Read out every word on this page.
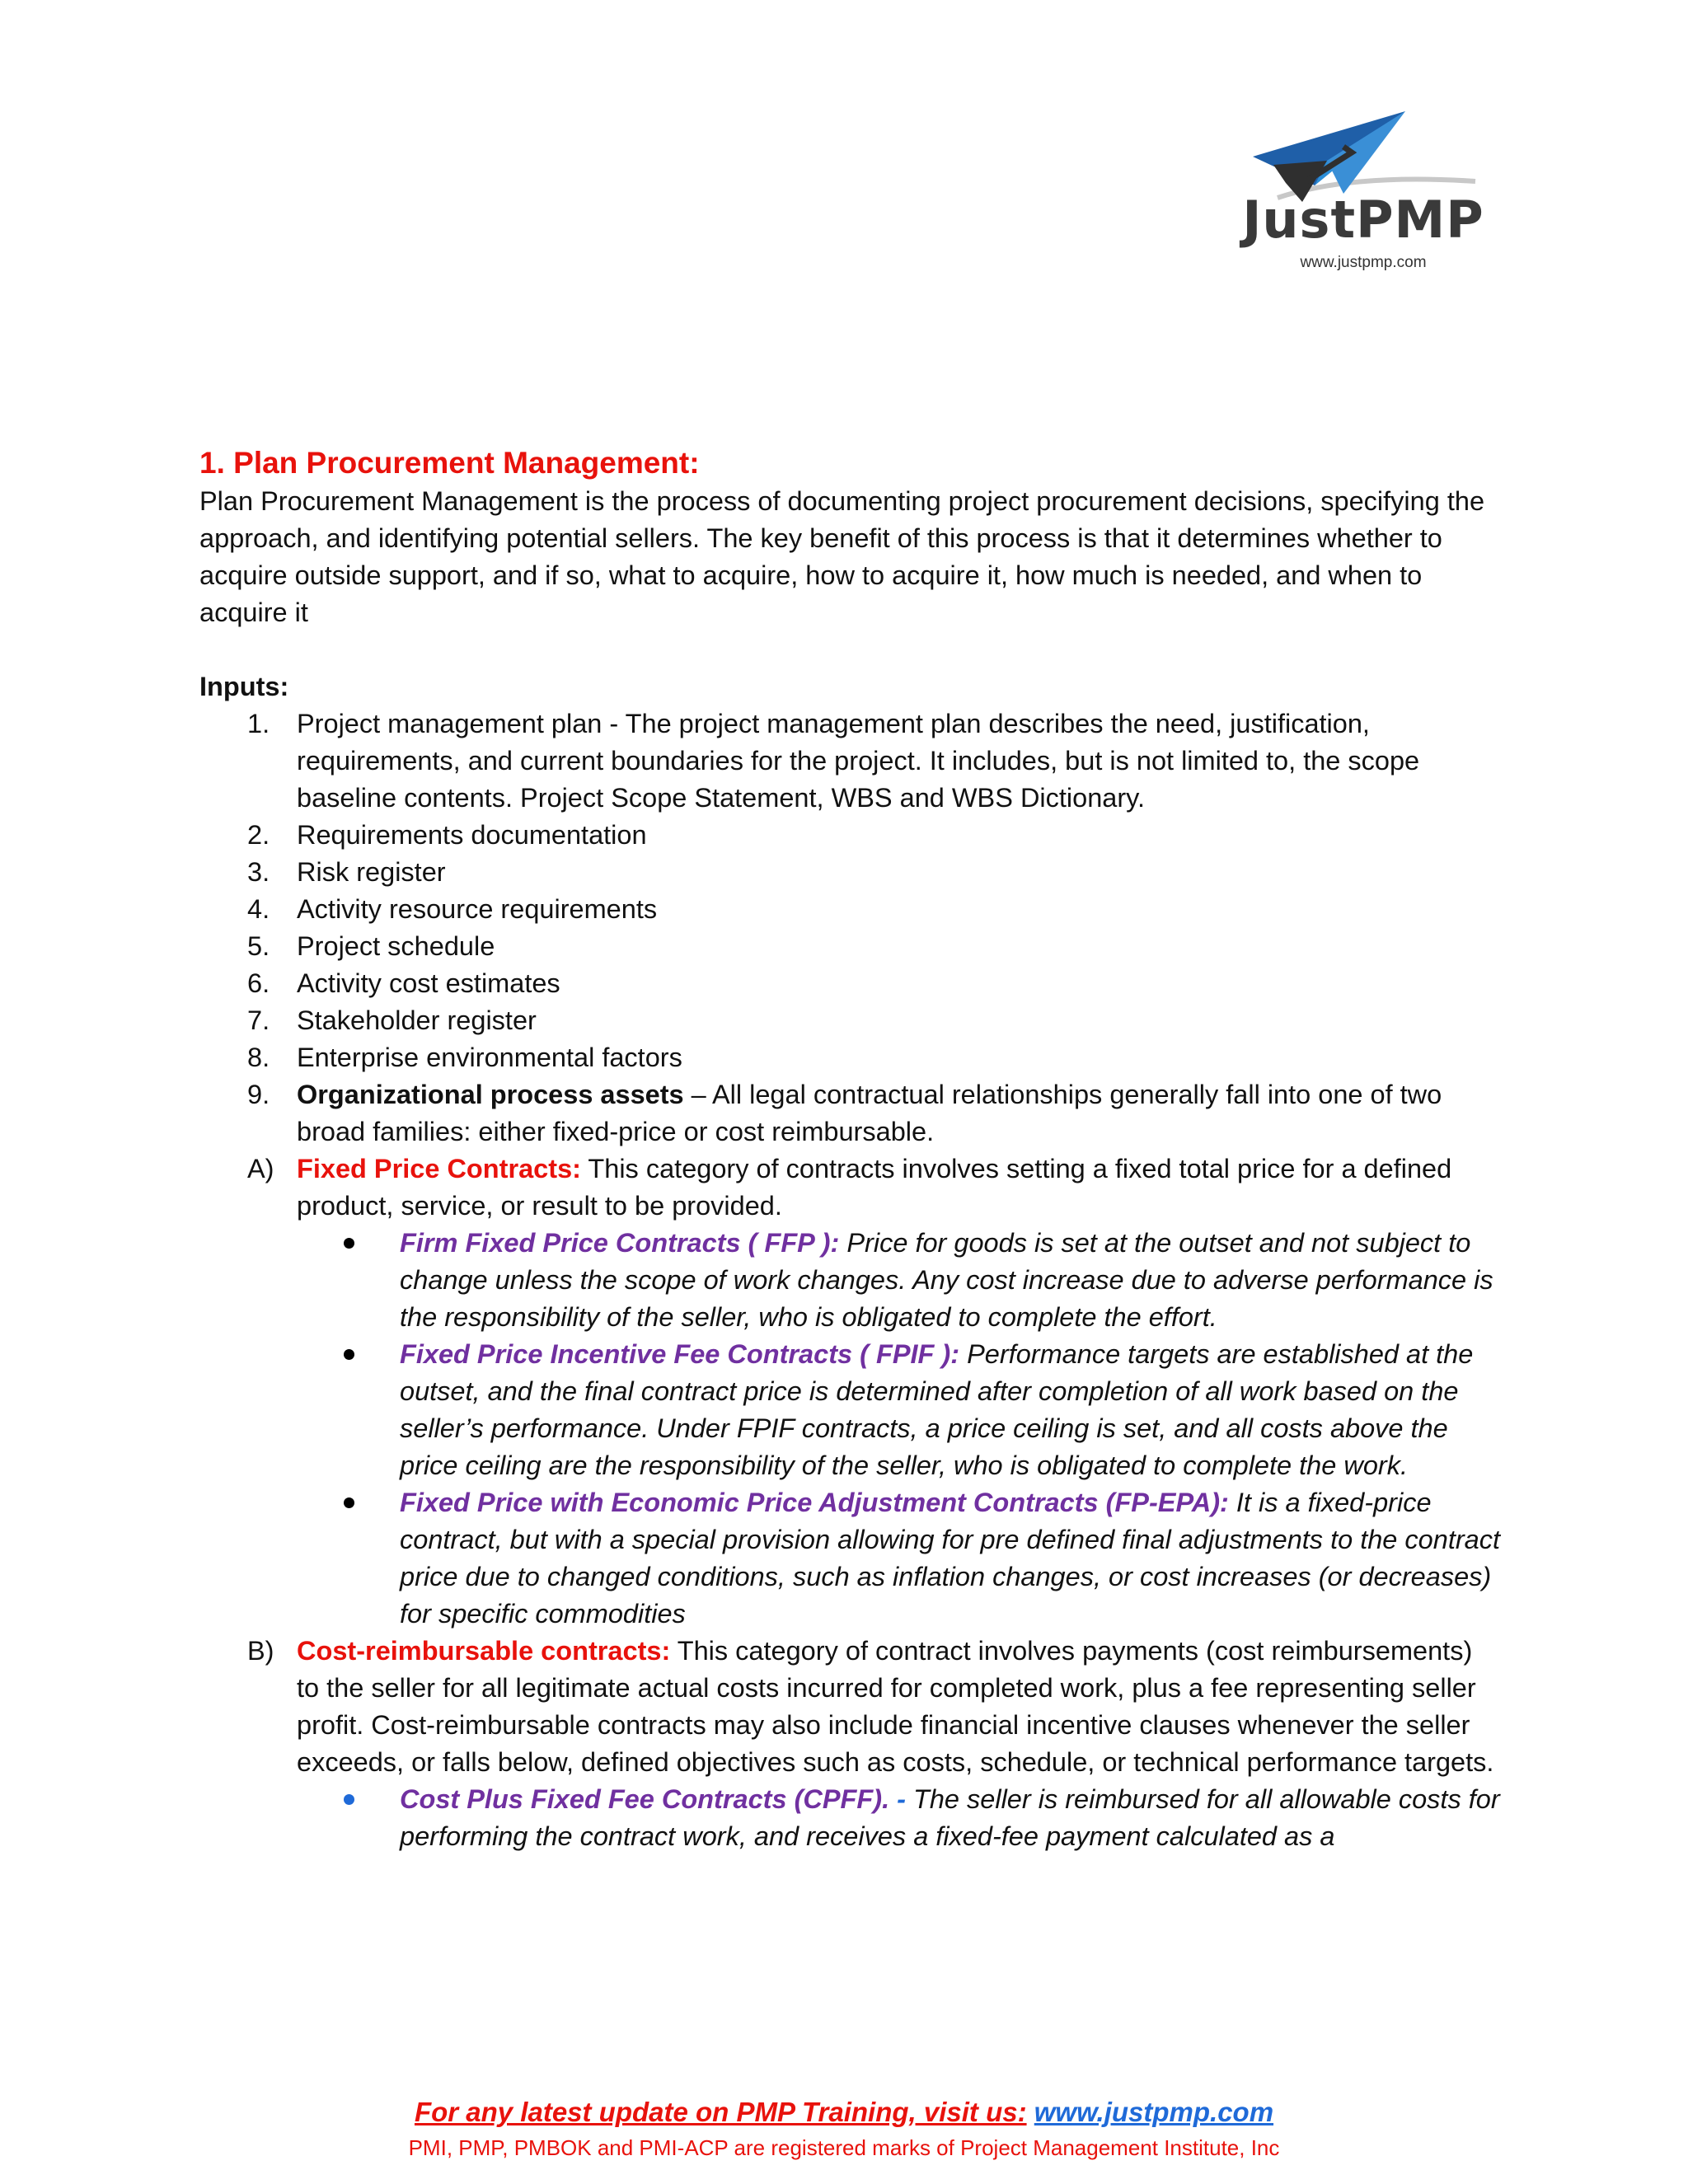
JustPMP
www.justpmp.com
1. Plan Procurement Management:

Plan Procurement Management is the process of documenting project procurement decisions, specifying the approach, and identifying potential sellers. The key benefit of this process is that it determines whether to acquire outside support, and if so, what to acquire, how to acquire it, how much is needed, and when to acquire it

Inputs:
1.	Project management plan - The project management plan describes the need, justification, requirements, and current boundaries for the project. It includes, but is not limited to, the scope baseline contents. Project Scope Statement, WBS and WBS Dictionary.
2.	Requirements documentation
3.	Risk register
4.	Activity resource requirements
5.	Project schedule
6.	Activity cost estimates
7.	Stakeholder register
8.	Enterprise environmental factors
9.	Organizational process assets – All legal contractual relationships generally fall into one of two broad families: either fixed-price or cost reimbursable.
A) Fixed Price Contracts: This category of contracts involves setting a fixed total price for a defined product, service, or result to be provided.
Firm Fixed Price Contracts ( FFP ): Price for goods is set at the outset and not subject to change unless the scope of work changes. Any cost increase due to adverse performance is the responsibility of the seller, who is obligated to complete the effort.
Fixed Price Incentive Fee Contracts ( FPIF ): Performance targets are established at the outset, and the final contract price is determined after completion of all work based on the seller’s performance. Under FPIF contracts, a price ceiling is set, and all costs above the price ceiling are the responsibility of the seller, who is obligated to complete the work.
Fixed Price with Economic Price Adjustment Contracts (FP-EPA): It is a fixed-price contract, but with a special provision allowing for pre defined final adjustments to the contract price due to changed conditions, such as inflation changes, or cost increases (or decreases) for specific commodities
B) Cost-reimbursable contracts: This category of contract involves payments (cost reimbursements) to the seller for all legitimate actual costs incurred for completed work, plus a fee representing seller profit. Cost-reimbursable contracts may also include financial incentive clauses whenever the seller exceeds, or falls below, defined objectives such as costs, schedule, or technical performance targets.
Cost Plus Fixed Fee Contracts (CPFF). - The seller is reimbursed for all allowable costs for performing the contract work, and receives a fixed-fee payment calculated as a
For any latest update on PMP Training, visit us: www.justpmp.com
PMI, PMP, PMBOK and PMI-ACP are registered marks of Project Management Institute, Inc
